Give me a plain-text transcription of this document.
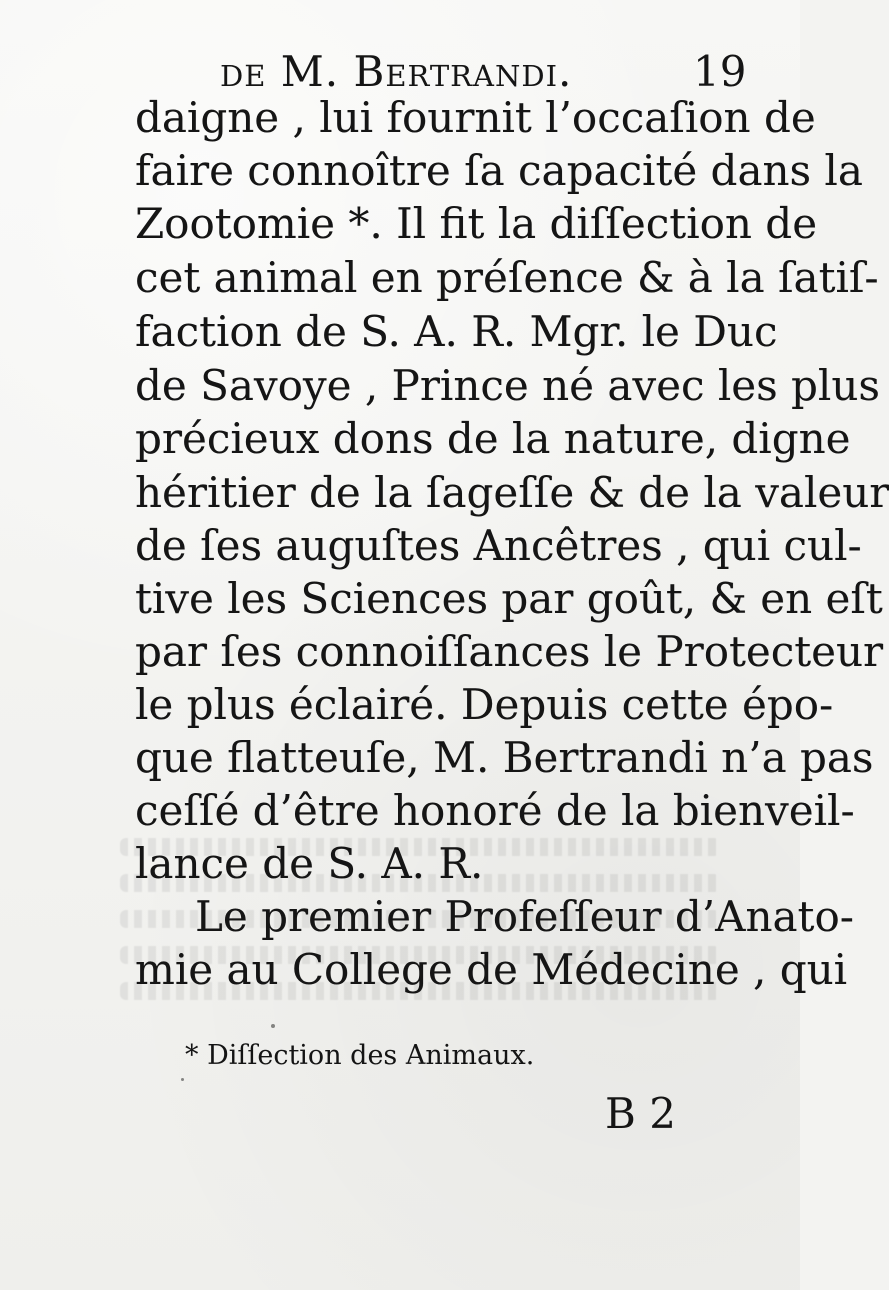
de M. Bertrandi.	19
daigne , lui fournit l’occaſion de
faire connoître ſa capacité dans la
Zootomie *. Il fit la diſſection de
cet animal en préſence & à la ſatiſ-
faction de S. A. R. Mgr. le Duc
de Savoye , Prince né avec les plus
précieux dons de la nature, digne
héritier de la ſageſſe & de la valeur
de ſes auguſtes Ancêtres , qui cul-
tive les Sciences par goût, & en eſt
par ſes connoiſſances le Protecteur
le plus éclairé. Depuis cette épo-
que flatteuſe, M. Bertrandi n’a pas
ceſſé d’être honoré de la bienveil-
lance de S. A. R.
Le premier Profeſſeur d’Anato-
mie au College de Médecine , qui
* Diſſection des Animaux.
B 2
